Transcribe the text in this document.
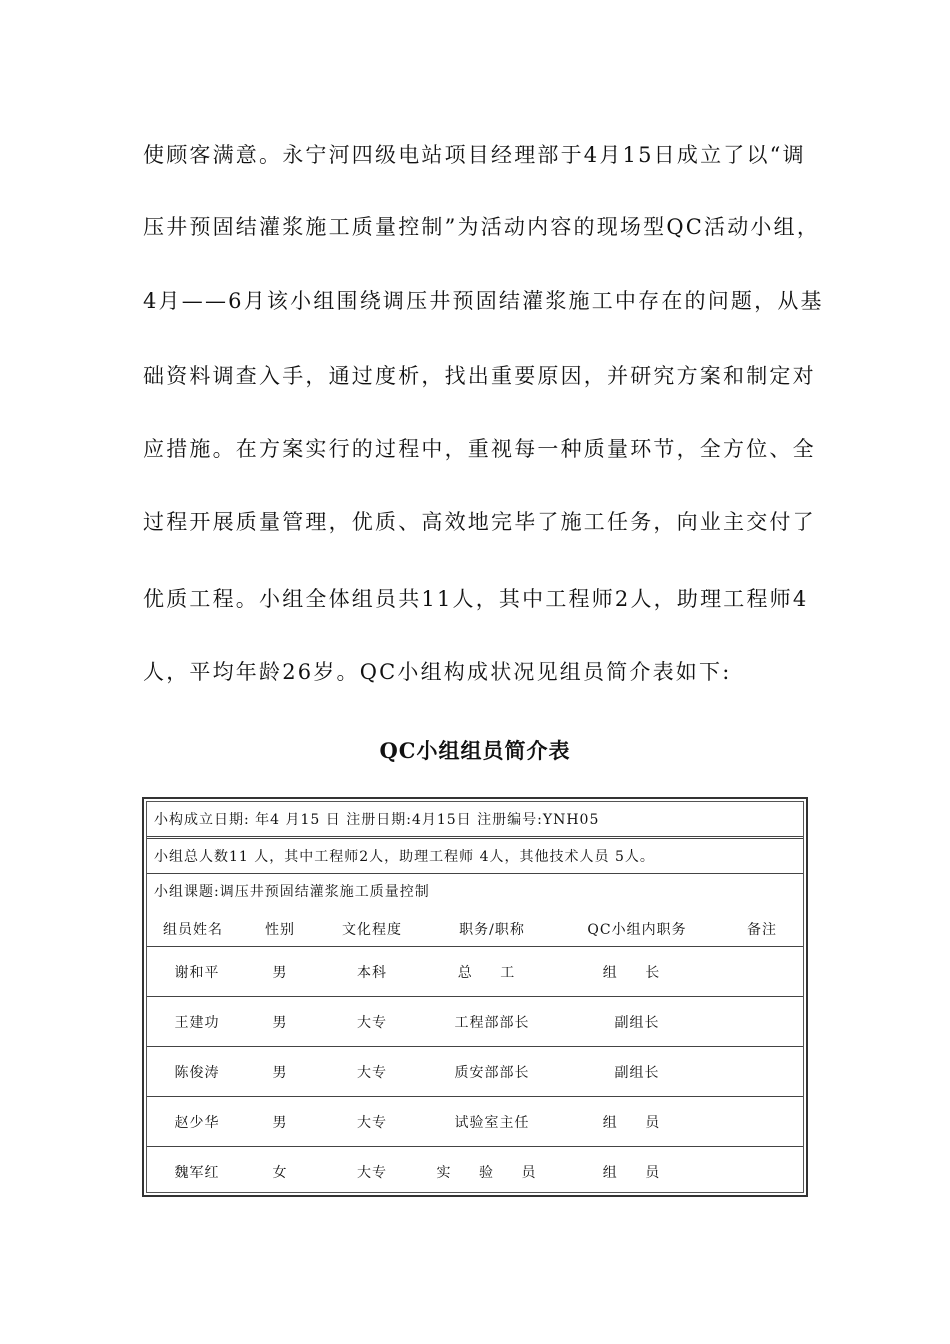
使顾客满意。永宁河四级电站项目经理部于4月15日成立了以“调
压井预固结灌浆施工质量控制”为活动内容的现场型QC活动小组，
4月——6月该小组围绕调压井预固结灌浆施工中存在的问题，从基
础资料调查入手，通过度析，找出重要原因，并研究方案和制定对
应措施。在方案实行的过程中，重视每一种质量环节，全方位、全
过程开展质量管理，优质、高效地完毕了施工任务，向业主交付了
优质工程。小组全体组员共11人，其中工程师2人，助理工程师4
人，平均年龄26岁。QC小组构成状况见组员简介表如下:
QC小组组员简介表
小构成立日期: 年4 月15 日 注册日期:4月15日 注册编号:YNH05
小组总人数11 人，其中工程师2人，助理工程师 4人，其他技术人员 5人。
小组课题:调压井预固结灌浆施工质量控制
组员姓名	性别	文化程度	职务/职称	QC小组内职务	备注
谢和平	男	本科	总 工	组 长
王建功	男	大专	工程部部长	副组长
陈俊涛	男	大专	质安部部长	副组长
赵少华	男	大专	试验室主任	组 员
魏军红	女	大专	实 验 员	组 员
